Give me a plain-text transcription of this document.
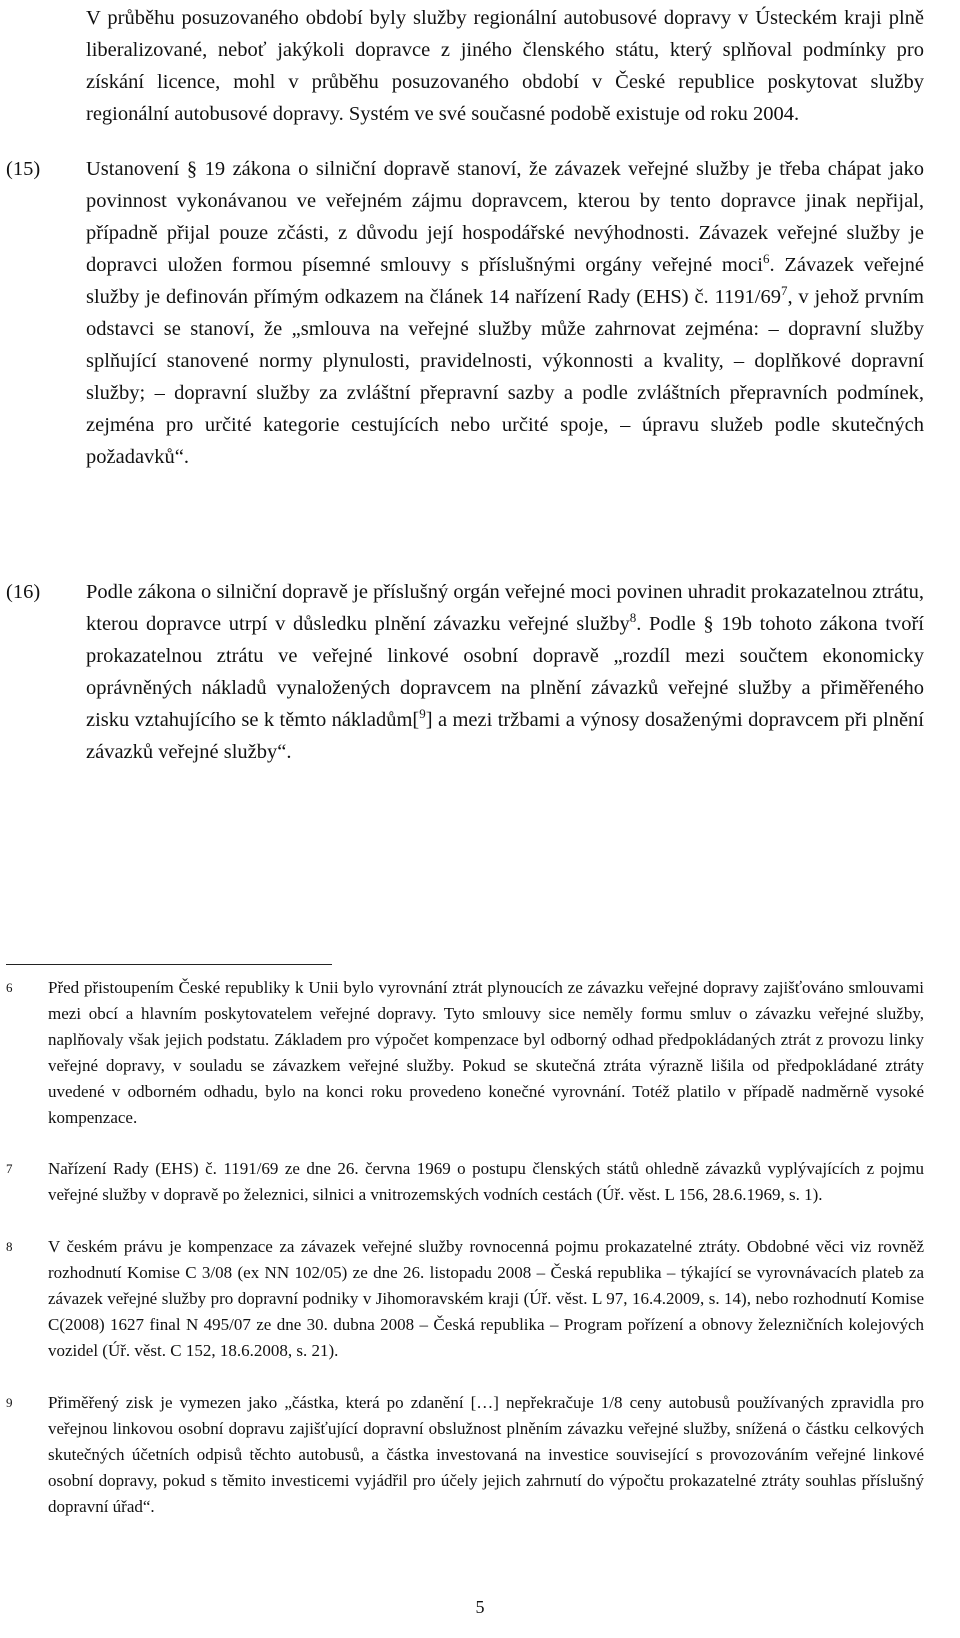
V průběhu posuzovaného období byly služby regionální autobusové dopravy v Ústeckém kraji plně liberalizované, neboť jakýkoli dopravce z jiného členského státu, který splňoval podmínky pro získání licence, mohl v průběhu posuzovaného období v České republice poskytovat služby regionální autobusové dopravy. Systém ve své současné podobě existuje od roku 2004.

(15) Ustanovení § 19 zákona o silniční dopravě stanoví, že závazek veřejné služby je třeba chápat jako povinnost vykonávanou ve veřejném zájmu dopravcem, kterou by tento dopravce jinak nepřijal, případně přijal pouze zčásti, z důvodu její hospodářské nevýhodnosti. Závazek veřejné služby je dopravci uložen formou písemné smlouvy s příslušnými orgány veřejné moci$^6$. Závazek veřejné služby je definován přímým odkazem na článek 14 nařízení Rady (EHS) č. $1191/69^7$, v jehož prvním odstavci se stanoví, že „smlouva na veřejné služby může zahrnovat zejména: – dopravní služby splňující stanovené normy plynulosti, pravidelnosti, výkonnosti a kvality, – doplňkové dopravní služby; – dopravní služby za zvláštní přepravní sazby a podle zvláštních přepravních podmínek, zejména pro určité kategorie cestujících nebo určité spoje, – úpravu služeb podle skutečných požadavků“.

(16) Podle zákona o silniční dopravě je příslušný orgán veřejné moci povinen uhradit prokazatelnou ztrátu, kterou dopravce utrpí v důsledku plnění závazku veřejné služby$^8$. Podle § 19b tohoto zákona tvoří prokazatelnou ztrátu ve veřejné linkové osobní dopravě „rozdíl mezi součtem ekonomicky oprávněných nákladů vynaložených dopravcem na plnění závazků veřejné služby a přiměřeného zisku vztahujícího se k těmto nákladům[$^9$] a mezi tržbami a výnosy dosaženými dopravcem při plnění závazků veřejné služby“.

6 Před přistoupením České republiky k Unii bylo vyrovnání ztrát plynoucích ze závazku veřejné dopravy zajišťováno smlouvami mezi obcí a hlavním poskytovatelem veřejné dopravy. Tyto smlouvy sice neměly formu smluv o závazku veřejné služby, naplňovaly však jejich podstatu. Základem pro výpočet kompenzace byl odborný odhad předpokládaných ztrát z provozu linky veřejné dopravy, v souladu se závazkem veřejné služby. Pokud se skutečná ztráta výrazně lišila od předpokládané ztráty uvedené v odborném odhadu, bylo na konci roku provedeno konečné vyrovnání. Totéž platilo v případě nadměrně vysoké kompenzace.

7 Nařízení Rady (EHS) č. 1191/69 ze dne 26. června 1969 o postupu členských států ohledně závazků vyplývajících z pojmu veřejné služby v dopravě po železnici, silnici a vnitrozemských vodních cestách (Úř. věst. L 156, 28.6.1969, s. 1).

8 V českém právu je kompenzace za závazek veřejné služby rovnocenná pojmu prokazatelné ztráty. Obdobné věci viz rovněž rozhodnutí Komise C 3/08 (ex NN 102/05) ze dne 26. listopadu 2008 – Česká republika – týkající se vyrovnávacích plateb za závazek veřejné služby pro dopravní podniky v Jihomoravském kraji (Úř. věst. L 97, 16.4.2009, s. 14), nebo rozhodnutí Komise C(2008) 1627 final N 495/07 ze dne 30. dubna 2008 – Česká republika – Program pořízení a obnovy železničních kolejových vozidel (Úř. věst. C 152, 18.6.2008, s. 21).

9 Přiměřený zisk je vymezen jako „částka, která po zdanění […] nepřekračuje 1/8 ceny autobusů používaných zpravidla pro veřejnou linkovou osobní dopravu zajišťující dopravní obslužnost plněním závazku veřejné služby, snížená o částku celkových skutečných účetních odpisů těchto autobusů, a částka investovaná na investice související s provozováním veřejné linkové osobní dopravy, pokud s těmito investicemi vyjádřil pro účely jejich zahrnutí do výpočtu prokazatelné ztráty souhlas příslušný dopravní úřad“.

5
